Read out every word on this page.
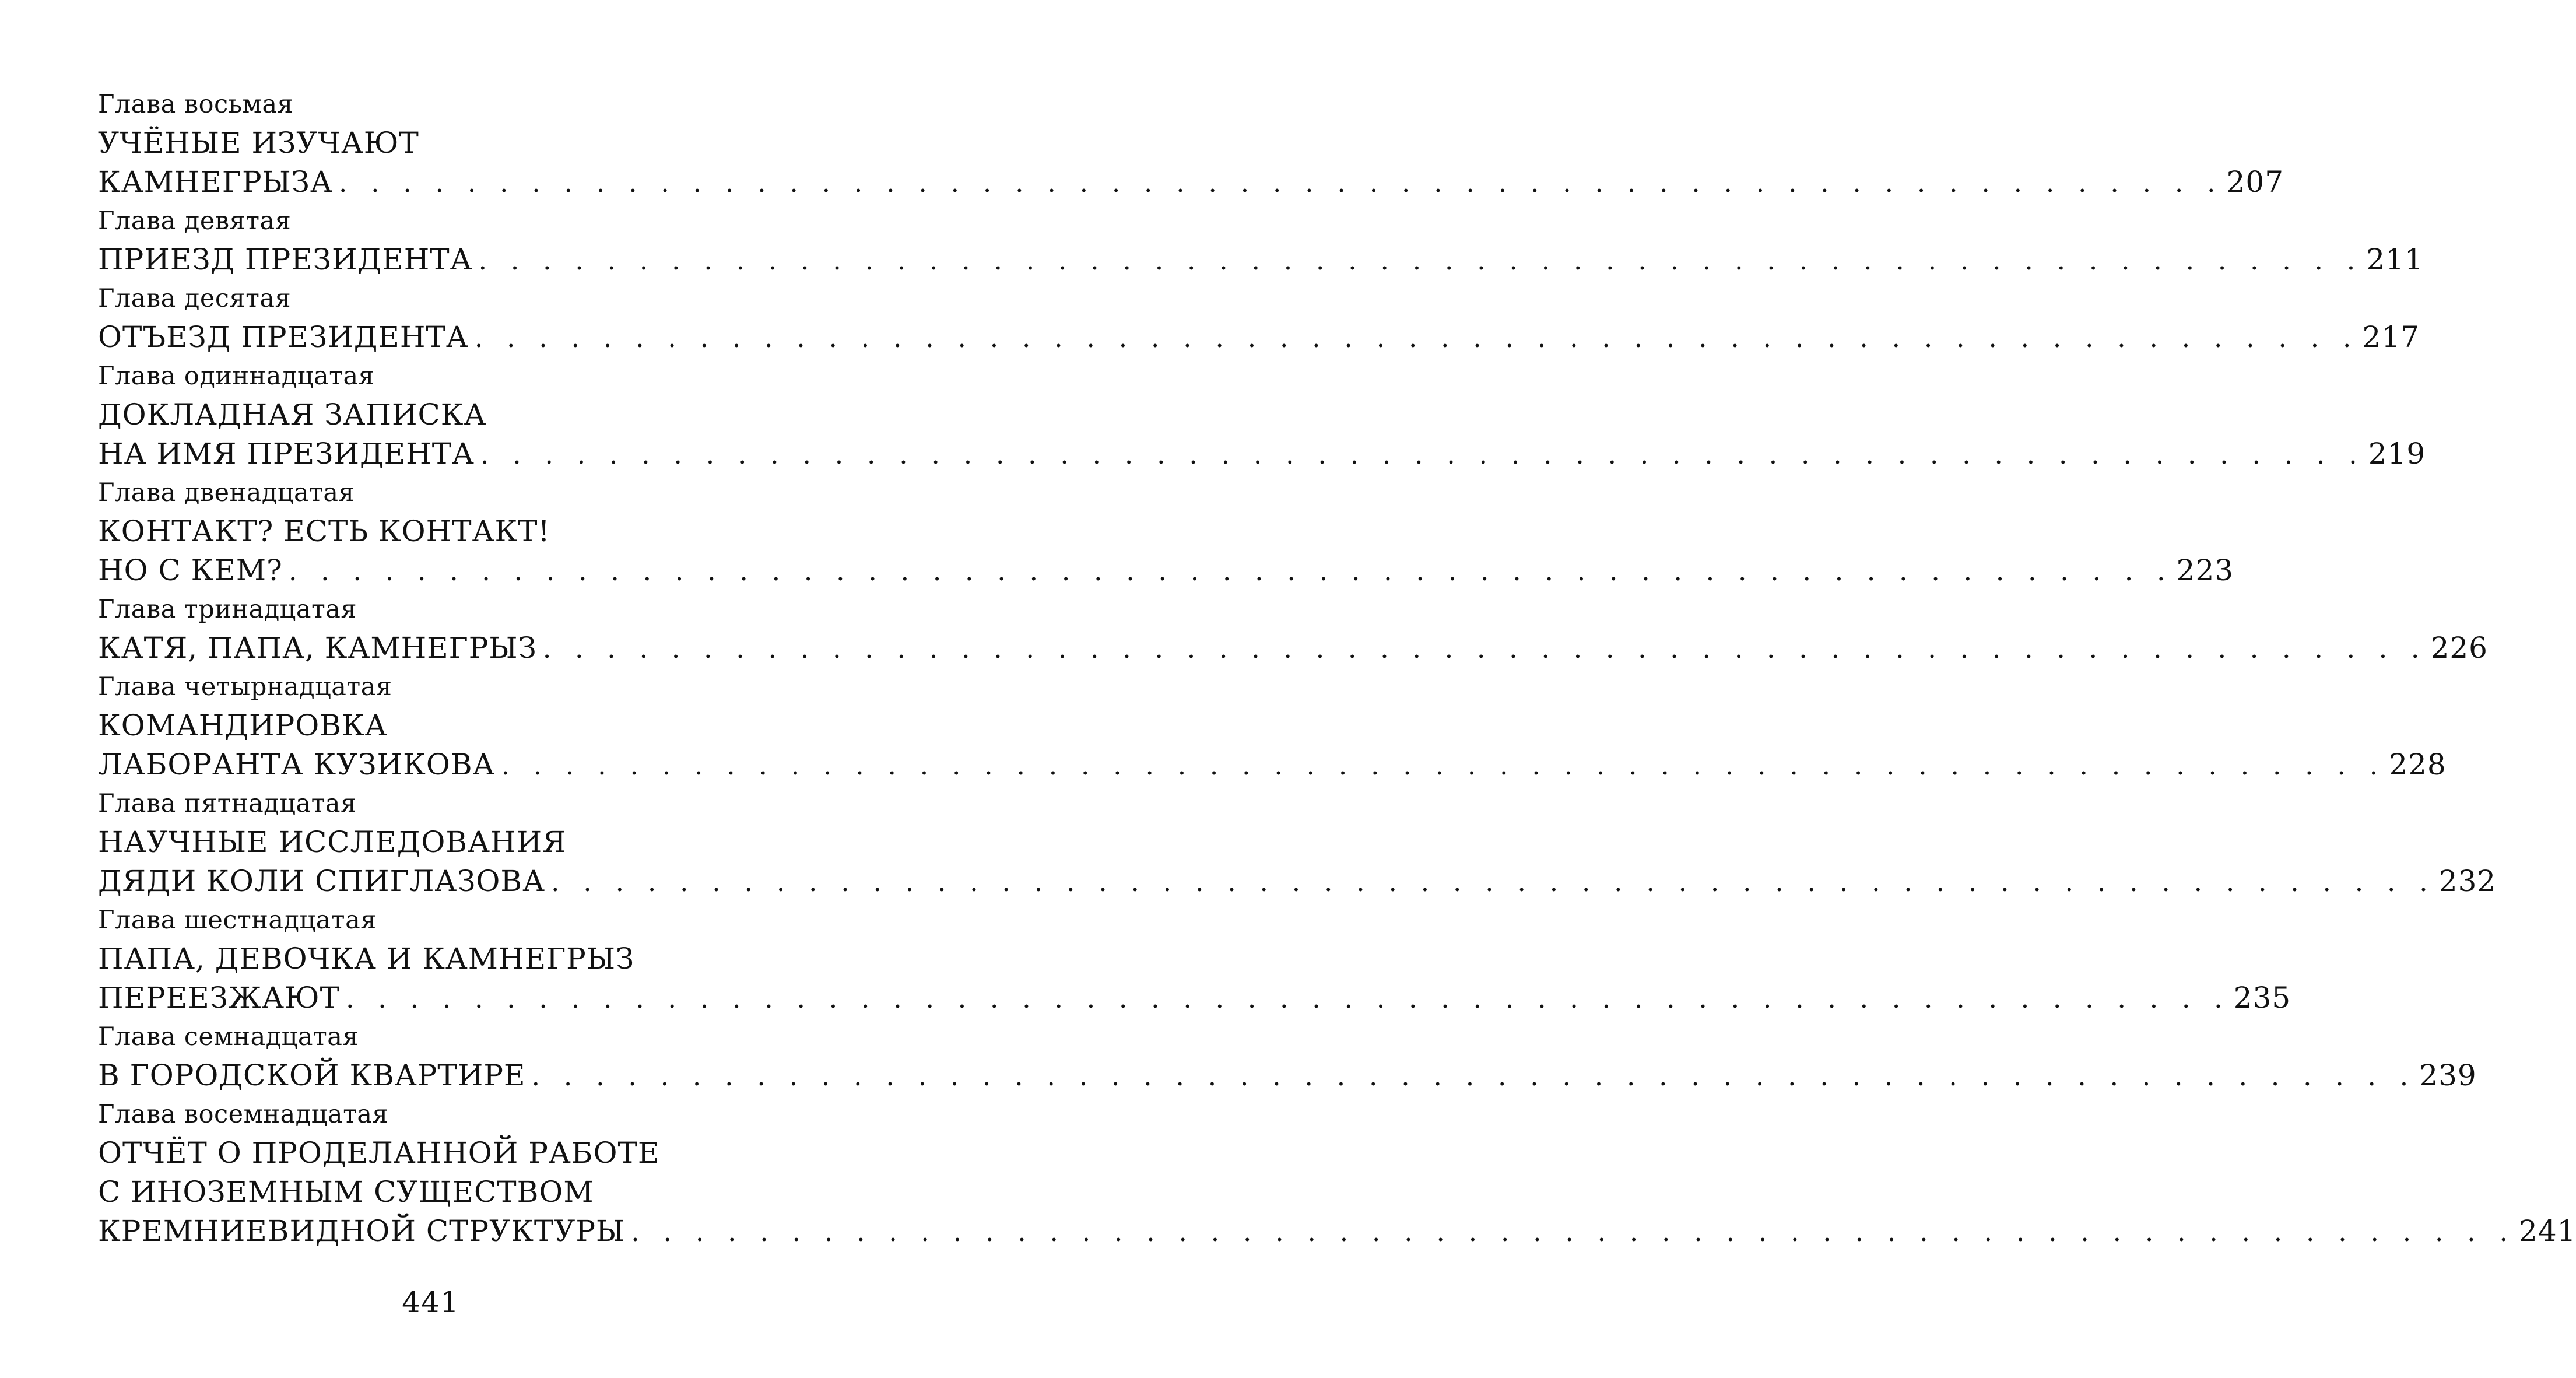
Глава восьмая
УЧЁНЫЕ ИЗУЧАЮТ
КАМНЕГРЫЗА . . . . . . . . . . . . . . . . . . . . . . . . . . . . . . . . . . . . . . . . . . . . . . . . . . . . . . . . . . . 207
Глава девятая
ПРИЕЗД ПРЕЗИДЕНТА . . . . . . . . . . . . . . . . . . . . . . . . . . . . . . . . . . . . . . . . . . . . . . . . . . . . . . . . . . . 211
Глава десятая
ОТЪЕЗД ПРЕЗИДЕНТА . . . . . . . . . . . . . . . . . . . . . . . . . . . . . . . . . . . . . . . . . . . . . . . . . . . . . . . . . . . 217
Глава одиннадцатая
ДОКЛАДНАЯ ЗАПИСКА
НА ИМЯ ПРЕЗИДЕНТА . . . . . . . . . . . . . . . . . . . . . . . . . . . . . . . . . . . . . . . . . . . . . . . . . . . . . . . . . . . 219
Глава двенадцатая
КОНТАКТ? ЕСТЬ КОНТАКТ!
НО С КЕМ? . . . . . . . . . . . . . . . . . . . . . . . . . . . . . . . . . . . . . . . . . . . . . . . . . . . . . . . . . . . 223
Глава тринадцатая
КАТЯ, ПАПА, КАМНЕГРЫЗ . . . . . . . . . . . . . . . . . . . . . . . . . . . . . . . . . . . . . . . . . . . . . . . . . . . . . . . . . . . 226
Глава четырнадцатая
КОМАНДИРОВКА
ЛАБОРАНТА КУЗИКОВА . . . . . . . . . . . . . . . . . . . . . . . . . . . . . . . . . . . . . . . . . . . . . . . . . . . . . . . . . . . 228
Глава пятнадцатая
НАУЧНЫЕ ИССЛЕДОВАНИЯ
ДЯДИ КОЛИ СПИГЛАЗОВА . . . . . . . . . . . . . . . . . . . . . . . . . . . . . . . . . . . . . . . . . . . . . . . . . . . . . . . . . . . 232
Глава шестнадцатая
ПАПА, ДЕВОЧКА И КАМНЕГРЫЗ
ПЕРЕЕЗЖАЮТ . . . . . . . . . . . . . . . . . . . . . . . . . . . . . . . . . . . . . . . . . . . . . . . . . . . . . . . . . . . 235
Глава семнадцатая
В ГОРОДСКОЙ КВАРТИРЕ . . . . . . . . . . . . . . . . . . . . . . . . . . . . . . . . . . . . . . . . . . . . . . . . . . . . . . . . . . . 239
Глава восемнадцатая
ОТЧЁТ О ПРОДЕЛАННОЙ РАБОТЕ
С ИНОЗЕМНЫМ СУЩЕСТВОМ
КРЕМНИЕВИДНОЙ СТРУКТУРЫ . . . . . . . . . . . . . . . . . . . . . . . . . . . . . . . . . . . . . . . . . . . . . . . . . . . . . . . . . . . 241
441
